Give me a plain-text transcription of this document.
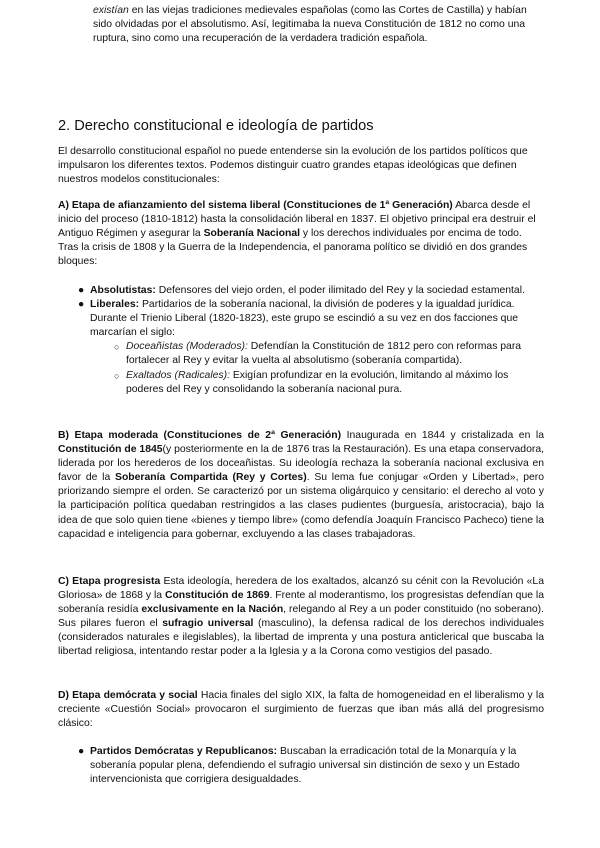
existían en las viejas tradiciones medievales españolas (como las Cortes de Castilla) y habían sido olvidadas por el absolutismo. Así, legitimaba la nueva Constitución de 1812 no como una ruptura, sino como una recuperación de la verdadera tradición española.

2. Derecho constitucional e ideología de partidos

El desarrollo constitucional español no puede entenderse sin la evolución de los partidos políticos que impulsaron los diferentes textos. Podemos distinguir cuatro grandes etapas ideológicas que definen nuestros modelos constitucionales:

A) Etapa de afianzamiento del sistema liberal (Constituciones de 1ª Generación) Abarca desde el inicio del proceso (1810-1812) hasta la consolidación liberal en 1837. El objetivo principal era destruir el Antiguo Régimen y asegurar la Soberanía Nacional y los derechos individuales por encima de todo. Tras la crisis de 1808 y la Guerra de la Independencia, el panorama político se dividió en dos grandes bloques:

● Absolutistas: Defensores del viejo orden, el poder ilimitado del Rey y la sociedad estamental.
● Liberales: Partidarios de la soberanía nacional, la división de poderes y la igualdad jurídica. Durante el Trienio Liberal (1820-1823), este grupo se escindió a su vez en dos facciones que marcarían el siglo:
○ Doceañistas (Moderados): Defendían la Constitución de 1812 pero con reformas para fortalecer al Rey y evitar la vuelta al absolutismo (soberanía compartida).
○ Exaltados (Radicales): Exigían profundizar en la evolución, limitando al máximo los poderes del Rey y consolidando la soberanía nacional pura.

B) Etapa moderada (Constituciones de 2ª Generación) Inaugurada en 1844 y cristalizada en la Constitución de 1845(y posteriormente en la de 1876 tras la Restauración). Es una etapa conservadora, liderada por los herederos de los doceañistas. Su ideología rechaza la soberanía nacional exclusiva en favor de la Soberanía Compartida (Rey y Cortes). Su lema fue conjugar «Orden y Libertad», pero priorizando siempre el orden. Se caracterizó por un sistema oligárquico y censitario: el derecho al voto y la participación política quedaban restringidos a las clases pudientes (burguesía, aristocracia), bajo la idea de que solo quien tiene «bienes y tiempo libre» (como defendía Joaquín Francisco Pacheco) tiene la capacidad e inteligencia para gobernar, excluyendo a las clases trabajadoras.

C) Etapa progresista Esta ideología, heredera de los exaltados, alcanzó su cénit con la Revolución «La Gloriosa» de 1868 y la Constitución de 1869. Frente al moderantismo, los progresistas defendían que la soberanía residía exclusivamente en la Nación, relegando al Rey a un poder constituido (no soberano). Sus pilares fueron el sufragio universal (masculino), la defensa radical de los derechos individuales (considerados naturales e ilegislables), la libertad de imprenta y una postura anticlerical que buscaba la libertad religiosa, intentando restar poder a la Iglesia y a la Corona como vestigios del pasado.

D) Etapa demócrata y social Hacia finales del siglo XIX, la falta de homogeneidad en el liberalismo y la creciente «Cuestión Social» provocaron el surgimiento de fuerzas que iban más allá del progresismo clásico:

● Partidos Demócratas y Republicanos: Buscaban la erradicación total de la Monarquía y la soberanía popular plena, defendiendo el sufragio universal sin distinción de sexo y un Estado intervencionista que corrigiera desigualdades.
